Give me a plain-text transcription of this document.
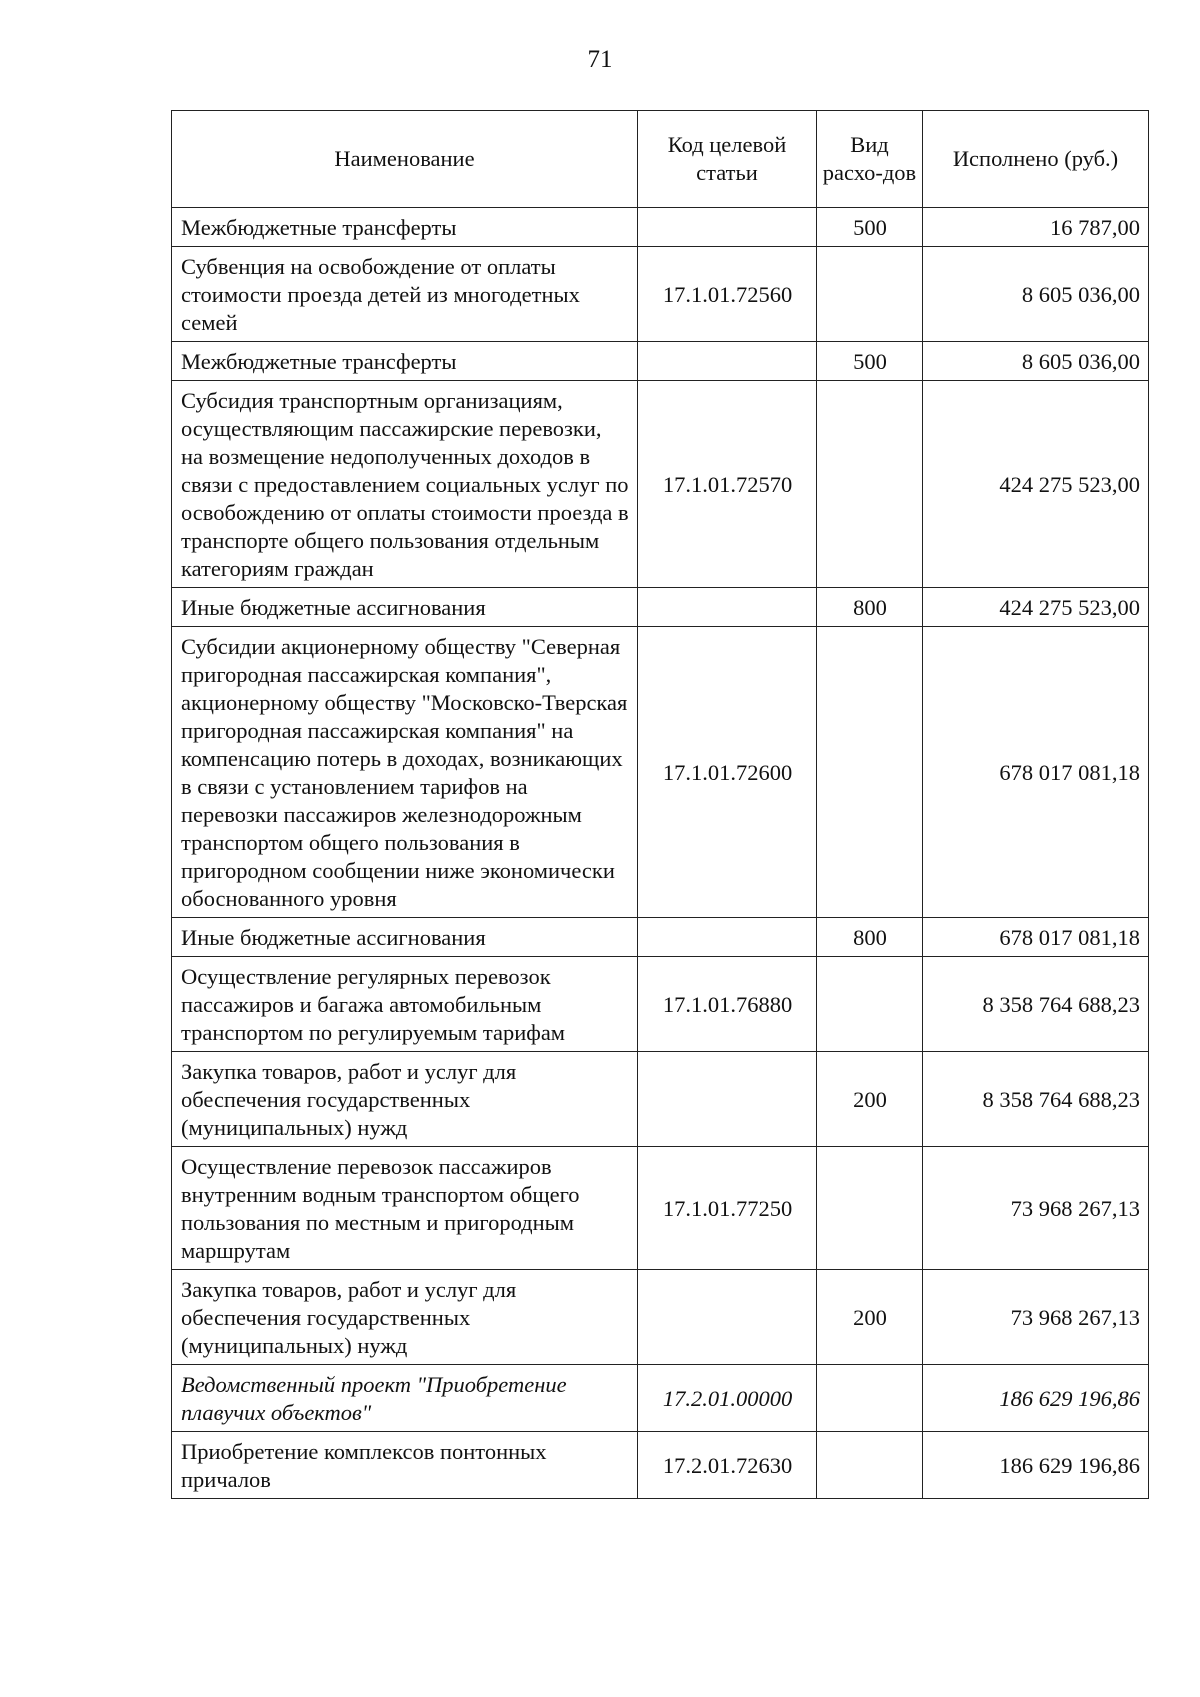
71
Наименование	Код целевой статьи	Вид расхо-дов	Исполнено (руб.)
Межбюджетные трансферты		500	16 787,00
Субвенция на освобождение от оплаты стоимости проезда детей из многодетных семей	17.1.01.72560		8 605 036,00
Межбюджетные трансферты		500	8 605 036,00
Субсидия транспортным организациям, осуществляющим пассажирские перевозки, на возмещение недополученных доходов в связи с предоставлением социальных услуг по освобождению от оплаты стоимости проезда в транспорте общего пользования отдельным категориям граждан	17.1.01.72570		424 275 523,00
Иные бюджетные ассигнования		800	424 275 523,00
Субсидии акционерному обществу "Северная пригородная пассажирская компания", акционерному обществу "Московско-Тверская пригородная пассажирская компания" на компенсацию потерь в доходах, возникающих в связи с установлением тарифов на перевозки пассажиров железнодорожным транспортом общего пользования в пригородном сообщении ниже экономически обоснованного уровня	17.1.01.72600		678 017 081,18
Иные бюджетные ассигнования		800	678 017 081,18
Осуществление регулярных перевозок пассажиров и багажа автомобильным транспортом по регулируемым тарифам	17.1.01.76880		8 358 764 688,23
Закупка товаров, работ и услуг для обеспечения государственных (муниципальных) нужд		200	8 358 764 688,23
Осуществление перевозок пассажиров внутренним водным транспортом общего пользования по местным и пригородным маршрутам	17.1.01.77250		73 968 267,13
Закупка товаров, работ и услуг для обеспечения государственных (муниципальных) нужд		200	73 968 267,13
Ведомственный проект "Приобретение плавучих объектов"	17.2.01.00000		186 629 196,86
Приобретение комплексов понтонных причалов	17.2.01.72630		186 629 196,86
